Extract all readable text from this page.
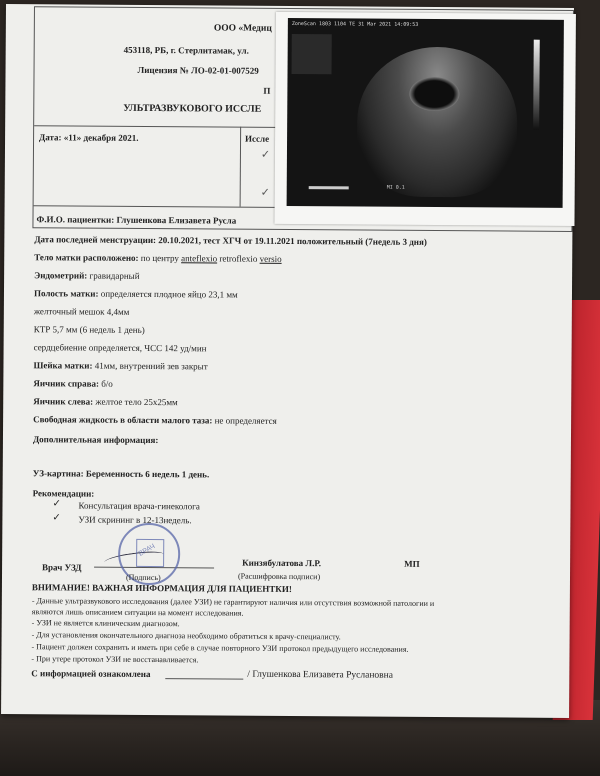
ООО «Медиц
453118, РБ, г. Стерлитамак, ул.
Лицензия № ЛО-02-01-007529
П
УЛЬТРАЗВУКОВОГО ИССЛЕ
Дата: «11» декабря 2021.	Иссле
✓
✓
Ф.И.О. пациентки: Глушенкова Елизавета Русла
ZoneScan 1803 1104 TE 31 Mar 2021 14:09:53
MI 0.1
Дата последней менструации: 20.10.2021, тест ХГЧ от 19.11.2021 положительный (7недель 3 дня)
Тело матки расположено: по центру anteflexio retroflexio versio
Эндометрий: гравидарный
Полость матки: определяется плодное яйцо 23,1 мм
желточный мешок 4,4мм
КТР 5,7 мм (6 недель 1 день)
сердцебиение определяется, ЧСС 142 уд/мин
Шейка матки: 41мм, внутренний зев закрыт
Яичник справа: б/о
Яичник слева: желтое тело 25х25мм
Свободная жидкость в области малого таза: не определяется
Дополнительная информация:
УЗ-картина: Беременность 6 недель 1 день.
Рекомендации:
✓ Консультация врача-гинеколога
✓ УЗИ скрининг в 12-13недель.
ВРАЧ
Врач УЗД	Кинзябулатова Л.Р.	МП
(Подпись)	(Расшифровка подписи)
ВНИМАНИЕ! ВАЖНАЯ ИНФОРМАЦИЯ ДЛЯ ПАЦИЕНТКИ!
- Данные ультразвукового исследования (далее УЗИ) не гарантируют наличия или отсутствия возможной патологии и
являются лишь описанием ситуации на момент исследования.
- УЗИ не является клиническим диагнозом.
- Для установления окончательного диагноза необходимо обратиться к врачу-специалисту.
- Пациент должен сохранить и иметь при себе в случае повторного УЗИ протокол предыдущего исследования.
- При утере протокол УЗИ не восстанавливается.
С информацией ознакомлена	/ Глушенкова Елизавета Руслановна
